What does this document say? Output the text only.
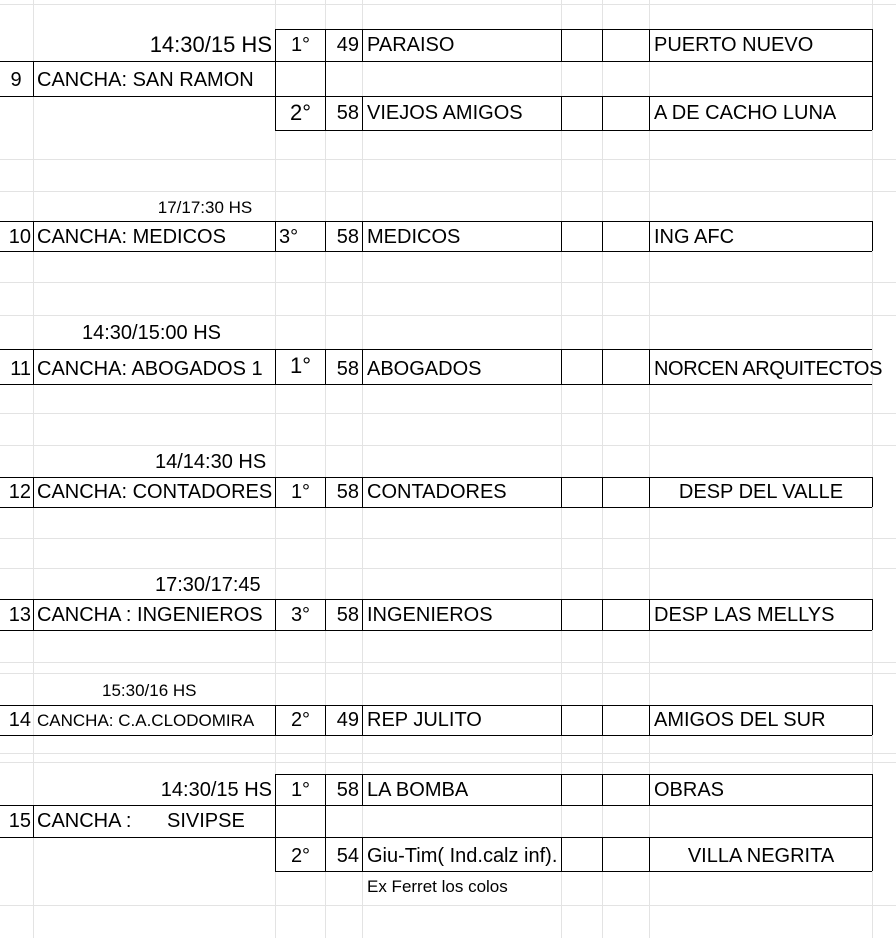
14:30/15 HS 1°	49 PARAISO	PUERTO NUEVO
9 CANCHA: SAN RAMON
2°	58 VIEJOS AMIGOS	A DE CACHO LUNA
17/17:30 HS
10 CANCHA: MEDICOS	3°	58 MEDICOS	ING AFC
14:30/15:00 HS
11 CANCHA: ABOGADOS 1	1°	58 ABOGADOS	NORCEN ARQUITECTOS
14/14:30 HS
12 CANCHA: CONTADORES 1°	58 CONTADORES	DESP DEL VALLE
17:30/17:45
13 CANCHA : INGENIEROS	3°	58 INGENIEROS	DESP LAS MELLYS
15:30/16 HS
14 CANCHA: C.A.CLODOMIRA	2°	49 REP JULITO	AMIGOS DEL SUR
14:30/15 HS 1°	58 LA BOMBA	OBRAS
15 CANCHA : SIVIPSE
2°	54 Giu-Tim( Ind.calz inf).	VILLA NEGRITA
Ex Ferret los colos
